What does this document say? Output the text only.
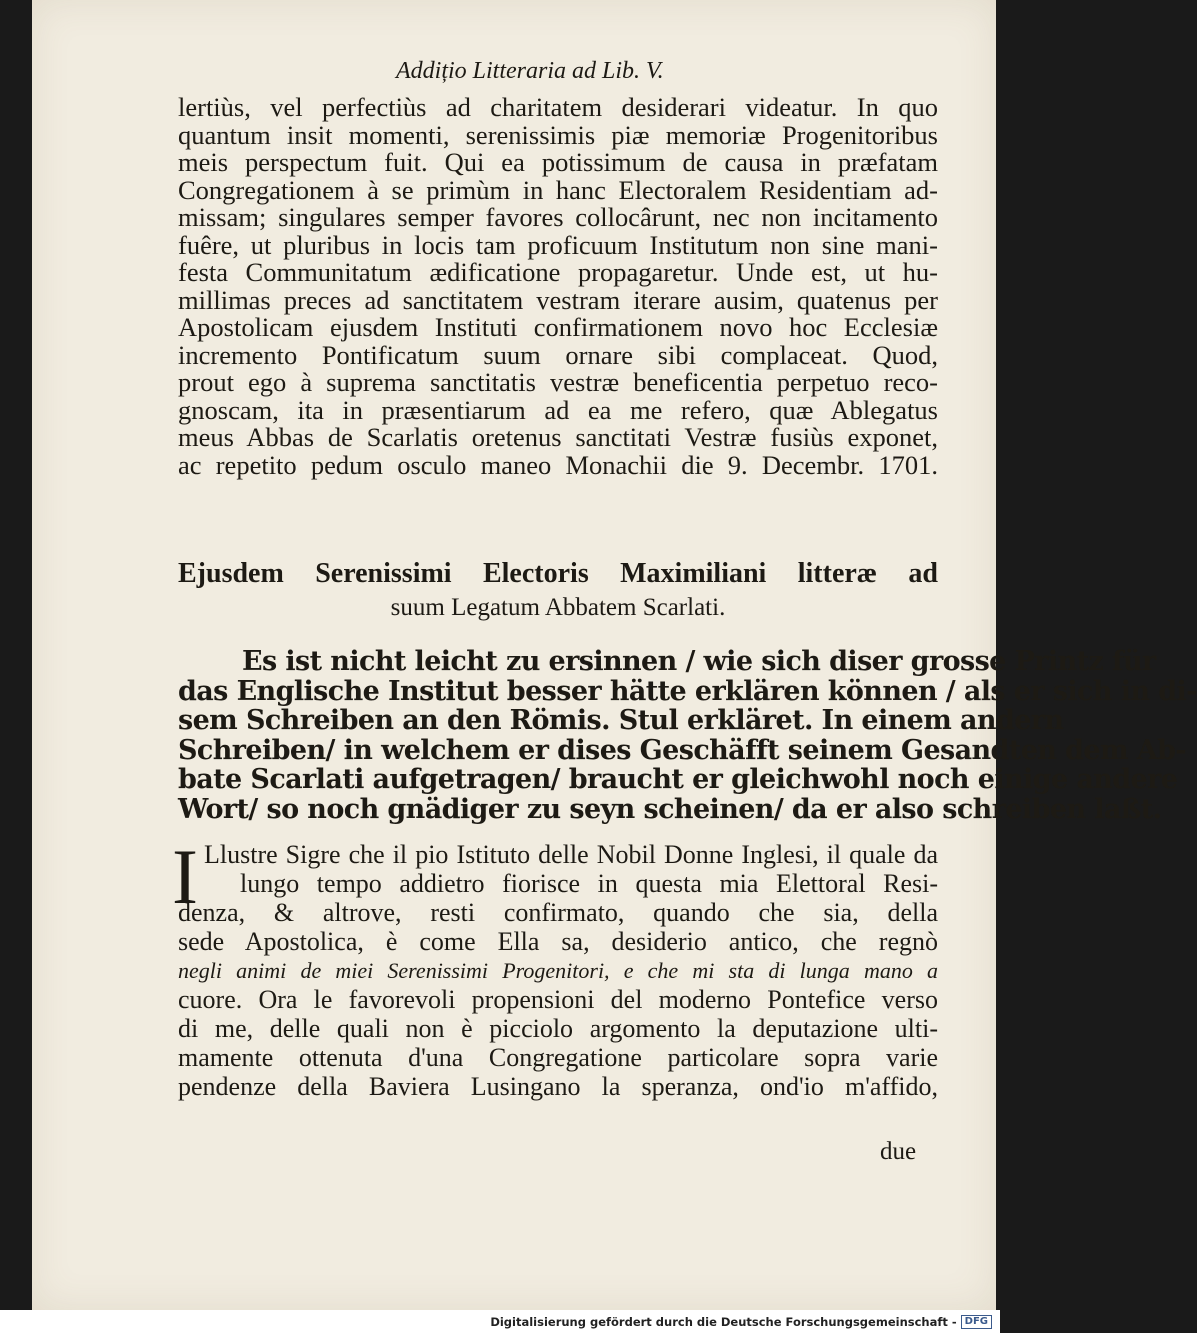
Addițio Litteraria ad Lib. V.
lertiùs, vel perfectiùs ad charitatem desiderari videatur. In quo
quantum insit momenti, serenissimis piæ memoriæ Progenitoribus
meis perspectum fuit. Qui ea potissimum de causa in præfatam
Congregationem à se primùm in hanc Electoralem Residentiam ad-
missam; singulares semper favores collocârunt, nec non incitamento
fuêre, ut pluribus in locis tam proficuum Institutum non sine mani-
festa Communitatum ædificatione propagaretur. Unde est, ut hu-
millimas preces ad sanctitatem vestram iterare ausim, quatenus per
Apostolicam ejusdem Instituti confirmationem novo hoc Ecclesiæ
incremento Pontificatum suum ornare sibi complaceat. Quod,
prout ego à suprema sanctitatis vestræ beneficentia perpetuo reco-
gnoscam, ita in præsentiarum ad ea me refero, quæ Ablegatus
meus Abbas de Scarlatis oretenus sanctitati Vestræ fusiùs exponet,
ac repetito pedum osculo maneo Monachii die 9. Decembr. 1701.
Ejusdem Serenissimi Electoris Maximiliani litteræ ad
suum Legatum Abbatem Scarlati.
Es ist nicht leicht zu ersinnen / wie sich diser grosse Printz für
das Englische Institut besser hätte erklären können / als er sich in di-
sem Schreiben an den Römis. Stul erkläret. In einem andern
Schreiben/ in welchem er dises Geschäfft seinem Gesandten dem Ab-
bate Scarlati aufgetragen/ braucht er gleichwohl noch einige andere
Wort/ so noch gnädiger zu seyn scheinen/ da er also schreiben laßt.
I Llustre Sigre che il pio Istituto delle Nobil Donne Inglesi, il quale da
lungo tempo addietro fiorisce in questa mia Elettoral Resi-
denza, & altrove, resti confirmato, quando che sia, della
sede Apostolica, è come Ella sa, desiderio antico, che regnò
negli animi de miei Serenissimi Progenitori, e che mi sta di lunga mano a
cuore. Ora le favorevoli propensioni del moderno Pontefice verso
di me, delle quali non è picciolo argomento la deputazione ulti-
mamente ottenuta d'una Congregatione particolare sopra varie
pendenze della Baviera Lusingano la speranza, ond'io m'affido,
due
Digitalisierung gefördert durch die Deutsche Forschungsgemeinschaft - DFG
